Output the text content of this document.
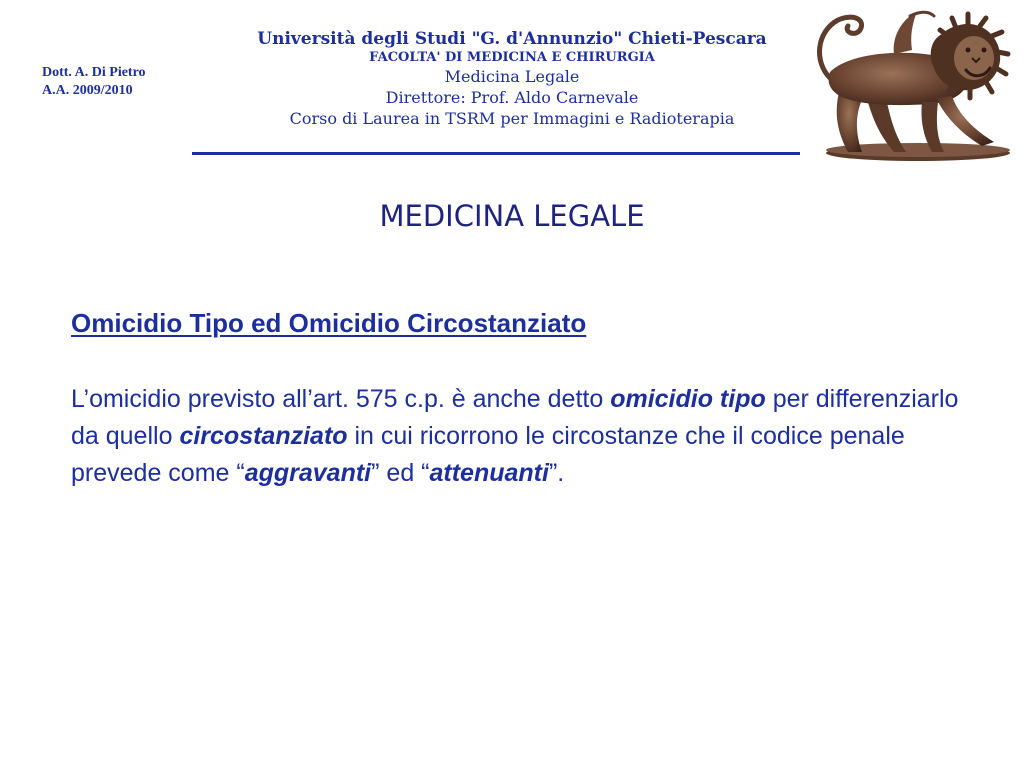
Dott. A. Di Pietro
A.A. 2009/2010
Università degli Studi "G. d'Annunzio" Chieti-Pescara
FACOLTA' DI MEDICINA E CHIRURGIA
Medicina Legale
Direttore: Prof. Aldo Carnevale
Corso di Laurea in TSRM per Immagini e Radioterapia
MEDICINA LEGALE
Omicidio Tipo ed Omicidio Circostanziato
L’omicidio previsto all’art. 575 c.p. è anche detto omicidio tipo per differenziarlo da quello circostanziato in cui ricorrono le circostanze che il codice penale prevede come “aggravanti” ed “attenuanti”.
